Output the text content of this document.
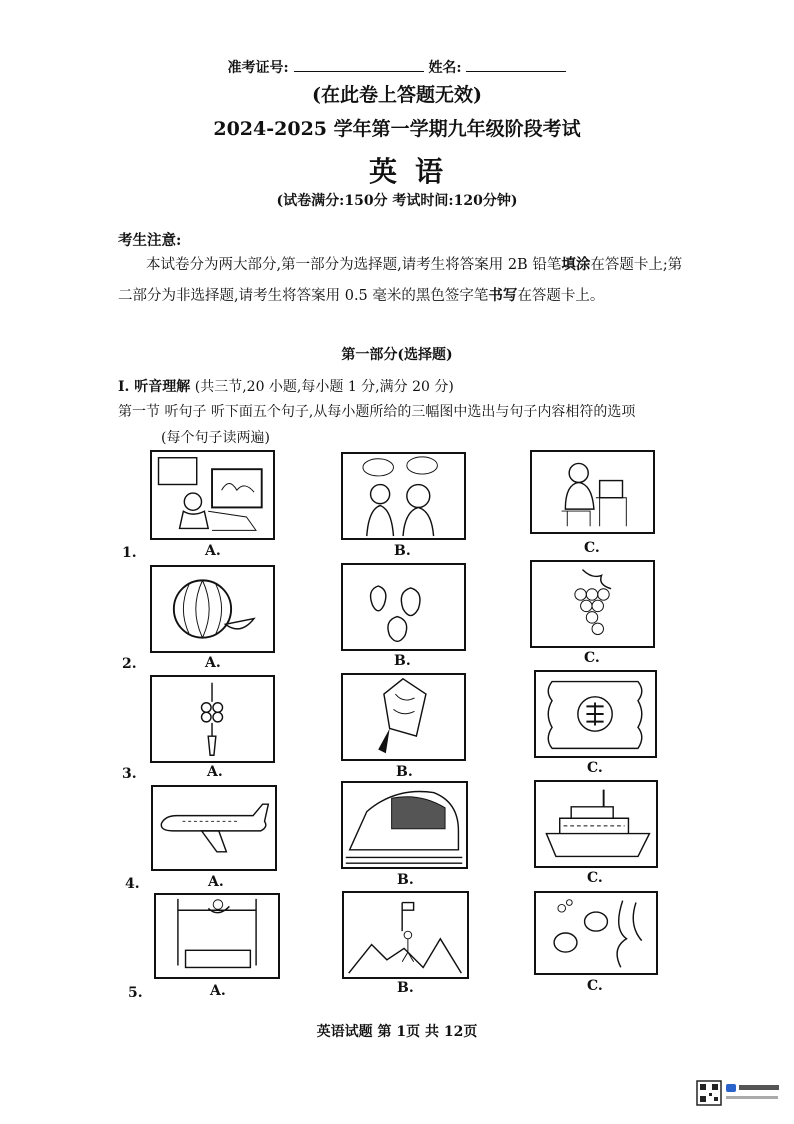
准考证号:	姓名:
(在此卷上答题无效)
2024-2025 学年第一学期九年级阶段考试
英语
(试卷满分:150分 考试时间:120分钟)
考生注意:
本试卷分为两大部分,第一部分为选择题,请考生将答案用 2B 铅笔填涂在答题卡上;第
二部分为非选择题,请考生将答案用 0.5 毫米的黑色签字笔书写在答题卡上。
第一部分(选择题)
I. 听音理解 (共三节,20 小题,每小题 1 分,满分 20 分)
第一节 听句子 听下面五个句子,从每小题所给的三幅图中选出与句子内容相符的选项
(每个句子读两遍)
1.	A.	B.	C.
2.	A.	B.	C.
3.	A.	B.	C.
4.	A.	B.	C.
5.	A.	B.	C.
英语试题 第 1页 共 12页
